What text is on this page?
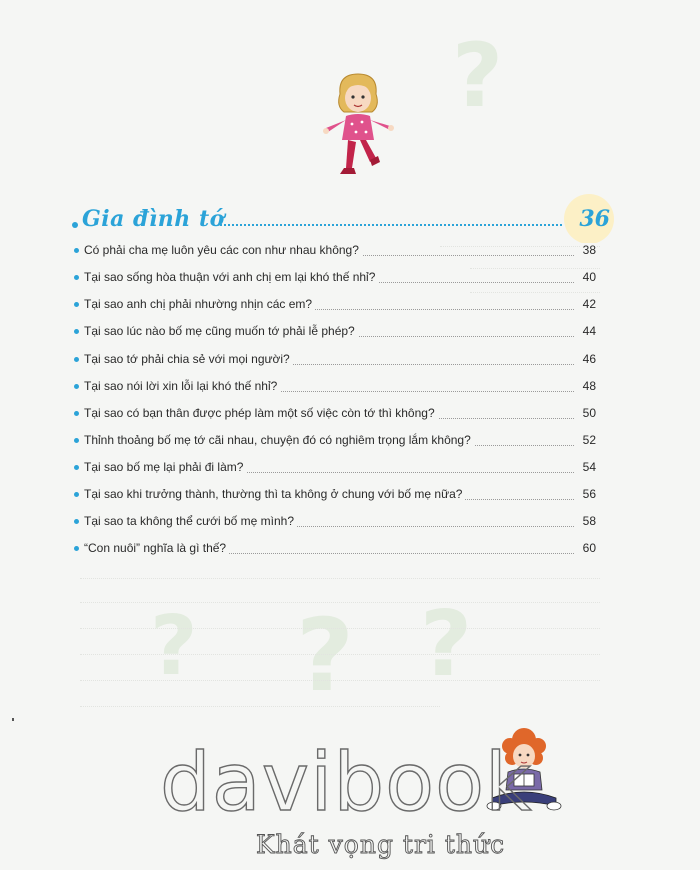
?
? ? ?
Gia đình tớ	36
Có phải cha mẹ luôn yêu các con như nhau không?	38
Tại sao sống hòa thuận với anh chị em lại khó thế nhỉ?	40
Tại sao anh chị phải nhường nhịn các em?	42
Tại sao lúc nào bố mẹ cũng muốn tớ phải lễ phép?	44
Tại sao tớ phải chia sẻ với mọi người?	46
Tại sao nói lời xin lỗi lại khó thế nhỉ?	48
Tại sao có bạn thân được phép làm một số việc còn tớ thì không?	50
Thỉnh thoảng bố mẹ tớ cãi nhau, chuyện đó có nghiêm trọng lắm không?	52
Tại sao bố mẹ lại phải đi làm?	54
Tại sao khi trưởng thành, thường thì ta không ở chung với bố mẹ nữa?	56
Tại sao ta không thể cưới bố mẹ mình?	58
“Con nuôi” nghĩa là gì thế?	60
davibook
Khát vọng tri thức
